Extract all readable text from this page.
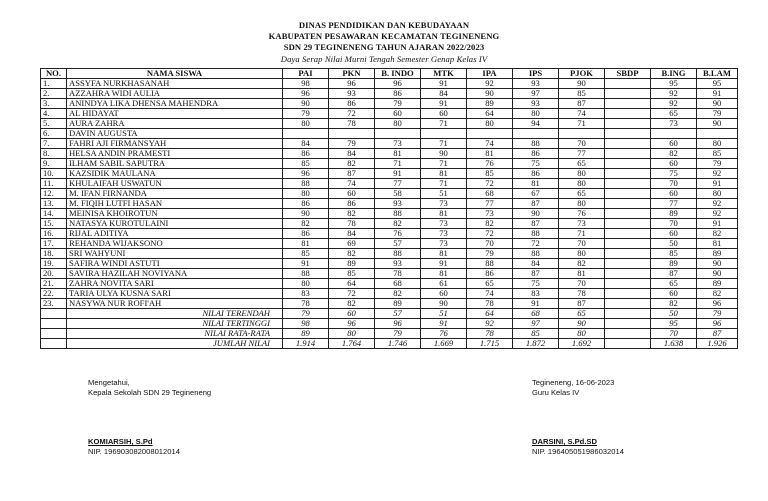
DINAS PENDIDIKAN DAN KEBUDAYAAN
KABUPATEN PESAWARAN KECAMATAN TEGINENENG
SDN 29 TEGINENENG TAHUN AJARAN 2022/2023
Daya Serap Nilai Murni Tengah Semester Genap Kelas IV
NO.	NAMA SISWA	PAI	PKN	B. INDO	MTK	IPA	IPS	PJOK	SBDP	B.ING	B.LAM
1.	ASSYFA NURKHASANAH	98	96	96	91	92	93	90		95	95
2.	AZZAHRA WIDI AULIA	96	93	86	84	90	97	85		92	91
3.	ANINDYA LIKA DHENSA MAHENDRA	90	86	79	91	89	93	87		92	90
4.	AL HIDAYAT	79	72	60	60	64	80	74		65	79
5.	AURA ZAHRA	80	78	80	71	80	94	71		73	90
6.	DAVIN AUGUSTA										
7.	FAHRI AJI FIRMANSYAH	84	79	73	71	74	88	70		60	80
8.	HELSA ANDIN PRAMESTI	86	84	81	90	81	86	77		82	85
9.	ILHAM SABIL SAPUTRA	85	82	71	71	76	75	65		60	79
10.	KAZSIDIK MAULANA	96	87	91	81	85	86	80		75	92
11.	KHULAIFAH USWATUN	88	74	77	71	72	81	80		70	91
12.	M. IFAN FIRNANDA	80	60	58	51	68	67	65		60	80
13.	M. FIQIH LUTFI HASAN	86	86	93	73	77	87	80		77	92
14.	MEINISA KHOIROTUN	90	82	88	81	73	90	76		89	92
15.	NATASYA KUROTULAINI	82	78	82	73	82	87	73		70	91
16.	RIJAL ADITIYA	86	84	76	73	72	88	71		60	82
17.	REHANDA WIJAKSONO	81	69	57	73	70	72	70		50	81
18.	SRI WAHYUNI	85	82	88	81	79	88	80		85	89
19.	SAFIRA WINDI ASTUTI	91	89	93	91	88	84	82		89	90
20.	SAVIRA HAZILAH NOVIYANA	88	85	78	81	86	87	81		87	90
21.	ZAHRA NOVITA SARI	80	64	68	61	65	75	70		65	89
22.	TARIA ULYA KUSNA SARI	83	72	82	60	74	83	78		60	82
23.	NASYWA NUR ROFI'AH	78	82	89	90	78	91	87		82	96
	NILAI TERENDAH	79	60	57	51	64	68	65		50	79
	NILAI TERTINGGI	98	96	96	91	92	97	90		95	96
	NILAI RATA-RATA	89	80	79	76	78	85	80		70	87
	JUMLAH NILAI	1.914	1.764	1.746	1.669	1.715	1.872	1.692		1.638	1.926
Mengetahui,
Kepala Sekolah SDN 29 Tegineneng
KOMIARSIH, S.Pd
NIP. 196903082008012014
Tegineneng, 16-06-2023
Guru Kelas IV
DARSINI, S.Pd.SD
NIP. 196405051986032014
